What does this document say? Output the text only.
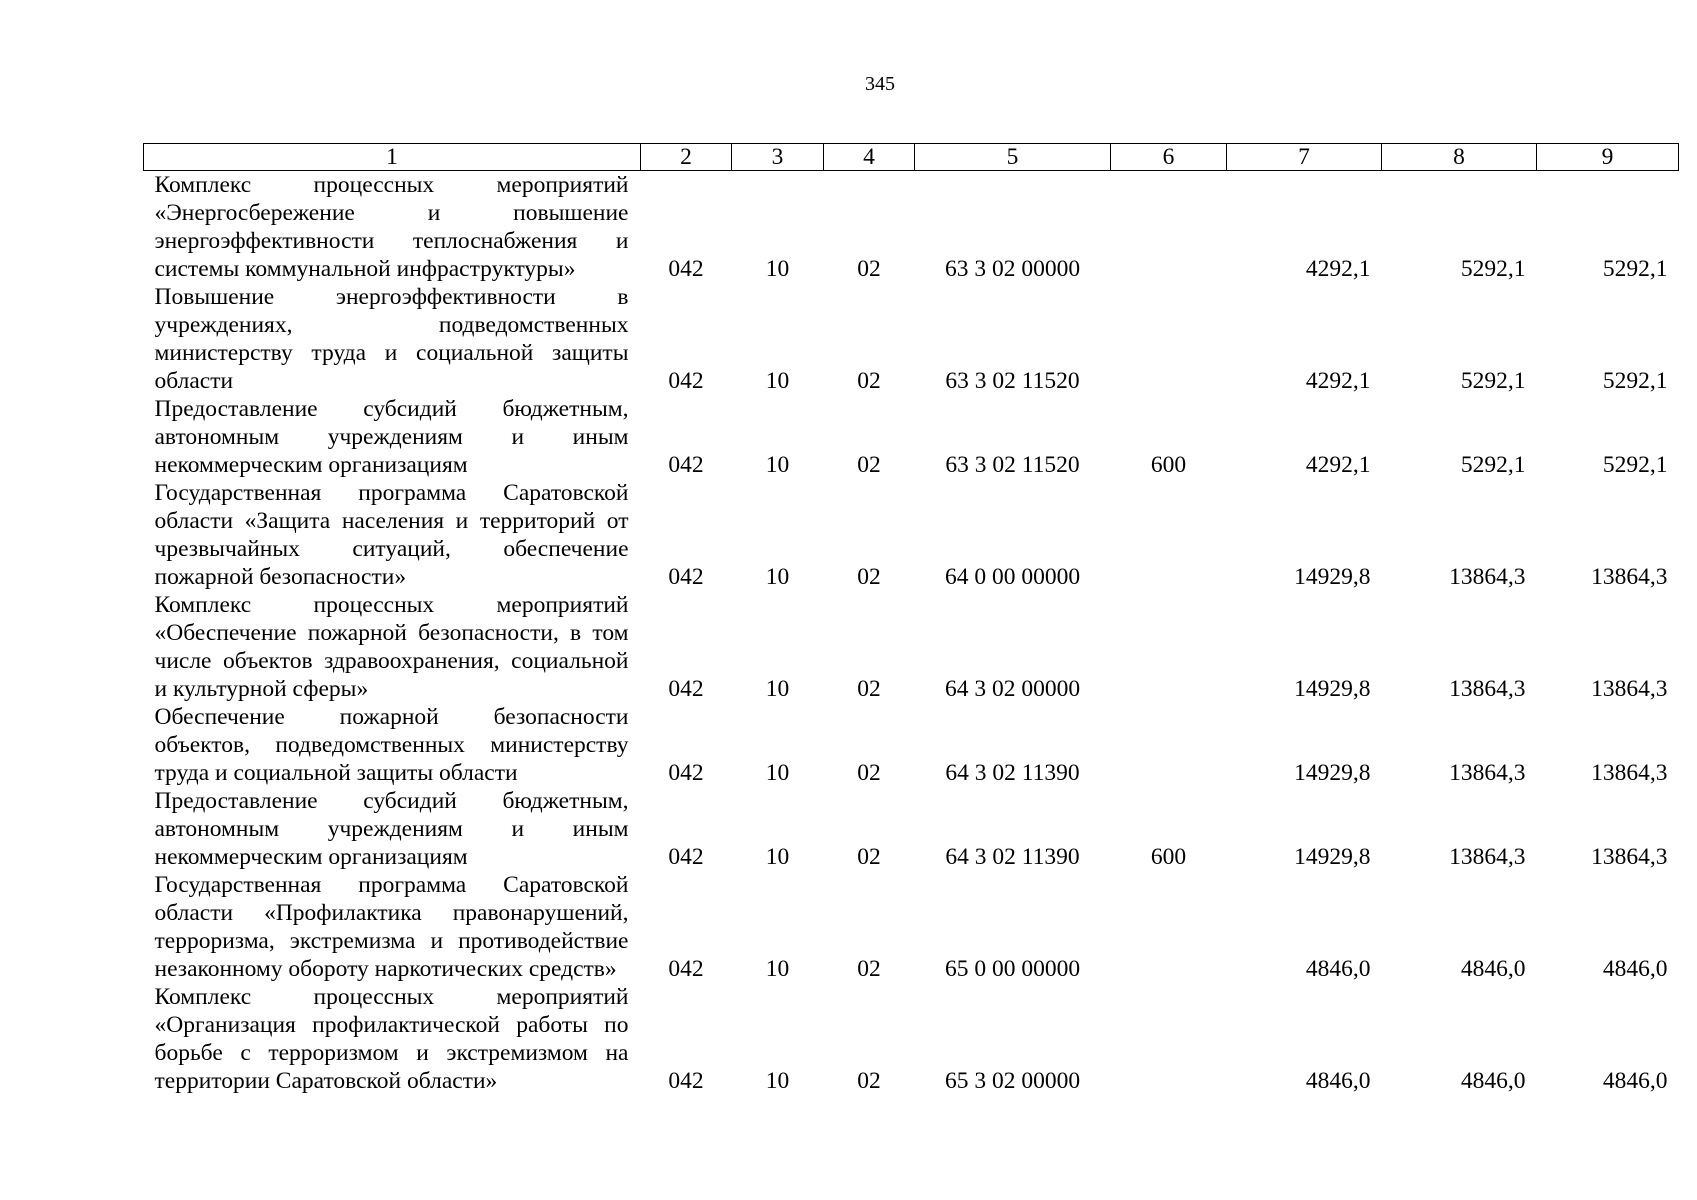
345
1	2	3	4	5	6	7	8	9
Комплекс процессных мероприятий «Энергосбережение и повышение энергоэффективности теплоснабжения и системы коммунальной инфраструктуры»	042	10	02	63 3 02 00000		4292,1	5292,1	5292,1
Повышение энергоэффективности в учреждениях, подведомственных министерству труда и социальной защиты области	042	10	02	63 3 02 11520		4292,1	5292,1	5292,1
Предоставление субсидий бюджетным, автономным учреждениям и иным некоммерческим организациям	042	10	02	63 3 02 11520	600	4292,1	5292,1	5292,1
Государственная программа Саратовской области «Защита населения и территорий от чрезвычайных ситуаций, обеспечение пожарной безопасности»	042	10	02	64 0 00 00000		14929,8	13864,3	13864,3
Комплекс процессных мероприятий «Обеспечение пожарной безопасности, в том числе объектов здравоохранения, социальной и культурной сферы»	042	10	02	64 3 02 00000		14929,8	13864,3	13864,3
Обеспечение пожарной безопасности объектов, подведомственных министерству труда и социальной защиты области	042	10	02	64 3 02 11390		14929,8	13864,3	13864,3
Предоставление субсидий бюджетным, автономным учреждениям и иным некоммерческим организациям	042	10	02	64 3 02 11390	600	14929,8	13864,3	13864,3
Государственная программа Саратовской области «Профилактика правонарушений, терроризма, экстремизма и противодействие незаконному обороту наркотических средств»	042	10	02	65 0 00 00000		4846,0	4846,0	4846,0
Комплекс процессных мероприятий «Организация профилактической работы по борьбе с терроризмом и экстремизмом на территории Саратовской области»	042	10	02	65 3 02 00000		4846,0	4846,0	4846,0
